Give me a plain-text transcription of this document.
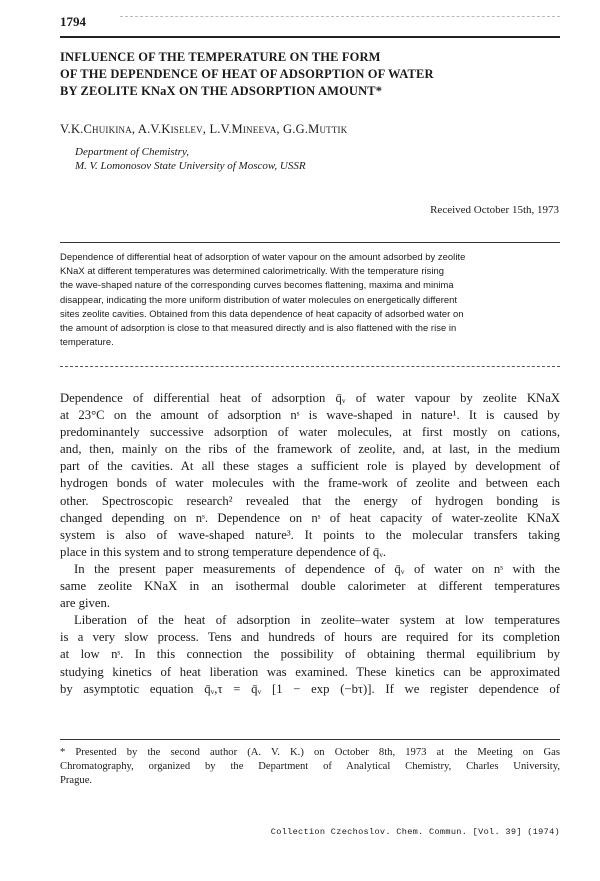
1794
INFLUENCE OF THE TEMPERATURE ON THE FORM
OF THE DEPENDENCE OF HEAT OF ADSORPTION OF WATER
BY ZEOLITE KNaX ON THE ADSORPTION AMOUNT*
V.K.Chuikina, A.V.Kiselev, L.V.Mineeva, G.G.Muttik
Department of Chemistry,
M. V. Lomonosov State University of Moscow, USSR
Received October 15th, 1973
Dependence of differential heat of adsorption of water vapour on the amount adsorbed by zeolite
KNaX at different temperatures was determined calorimetrically. With the temperature rising
the wave-shaped nature of the corresponding curves becomes flattening, maxima and minima
disappear, indicating the more uniform distribution of water molecules on energetically different
sites zeolite cavities. Obtained from this data dependence of heat capacity of adsorbed water on
the amount of adsorption is close to that measured directly and is also flattened with the rise in
temperature.
Dependence of differential heat of adsorption q̄ᵥ of water vapour by zeolite KNaX
at 23°C on the amount of adsorption nˢ is wave-shaped in nature¹. It is caused by
predominantely successive adsorption of water molecules, at first mostly on cations,
and, then, mainly on the ribs of the framework of zeolite, and, at last, in the medium
part of the cavities. At all these stages a sufficient role is played by development of
hydrogen bonds of water molecules with the frame-work of zeolite and between each
other. Spectroscopic research² revealed that the energy of hydrogen bonding is
changed depending on nˢ. Dependence on nˢ of heat capacity of water-zeolite KNaX
system is also of wave-shaped nature³. It points to the molecular transfers taking
place in this system and to strong temperature dependence of q̄ᵥ.
In the present paper measurements of dependence of q̄ᵥ of water on nˢ with the
same zeolite KNaX in an isothermal double calorimeter at different temperatures
are given.
Liberation of the heat of adsorption in zeolite–water system at low temperatures
is a very slow process. Tens and hundreds of hours are required for its completion
at low nˢ. In this connection the possibility of obtaining thermal equilibrium by
studying kinetics of heat liberation was examined. These kinetics can be approximated
by asymptotic equation q̄ᵥ,τ = q̄ᵥ [1 − exp (−bτ)]. If we register dependence of
* Presented by the second author (A. V. K.) on October 8th, 1973 at the Meeting on Gas
Chromatography, organized by the Department of Analytical Chemistry, Charles University,
Prague.
Collection Czechoslov. Chem. Commun. [Vol. 39] (1974)
